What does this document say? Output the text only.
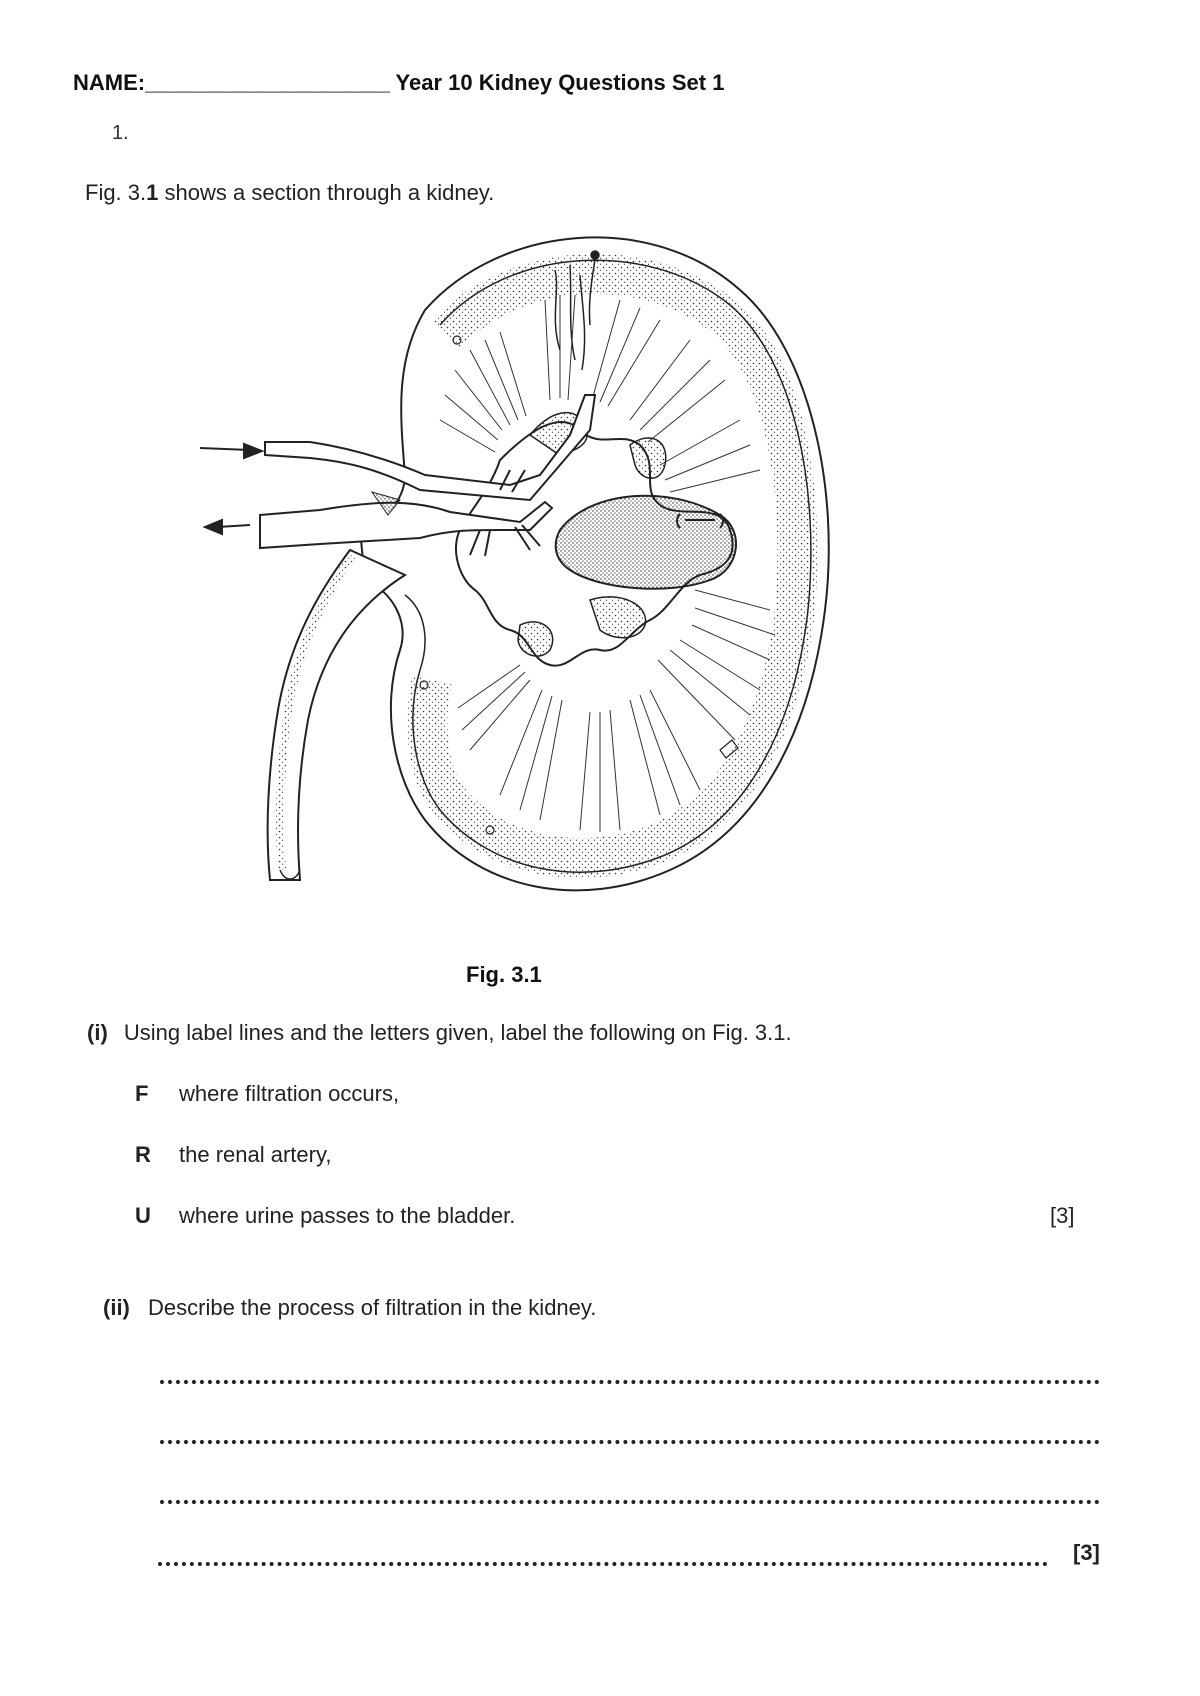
NAME:____________________ Year 10 Kidney Questions Set 1
1.
Fig. 3.1 shows a section through a kidney.
Fig. 3.1
(i) Using label lines and the letters given, label the following on Fig. 3.1.
F where filtration occurs,
R the renal artery,
U where urine passes to the bladder.	[3]
(ii) Describe the process of filtration in the kidney.
[3]
